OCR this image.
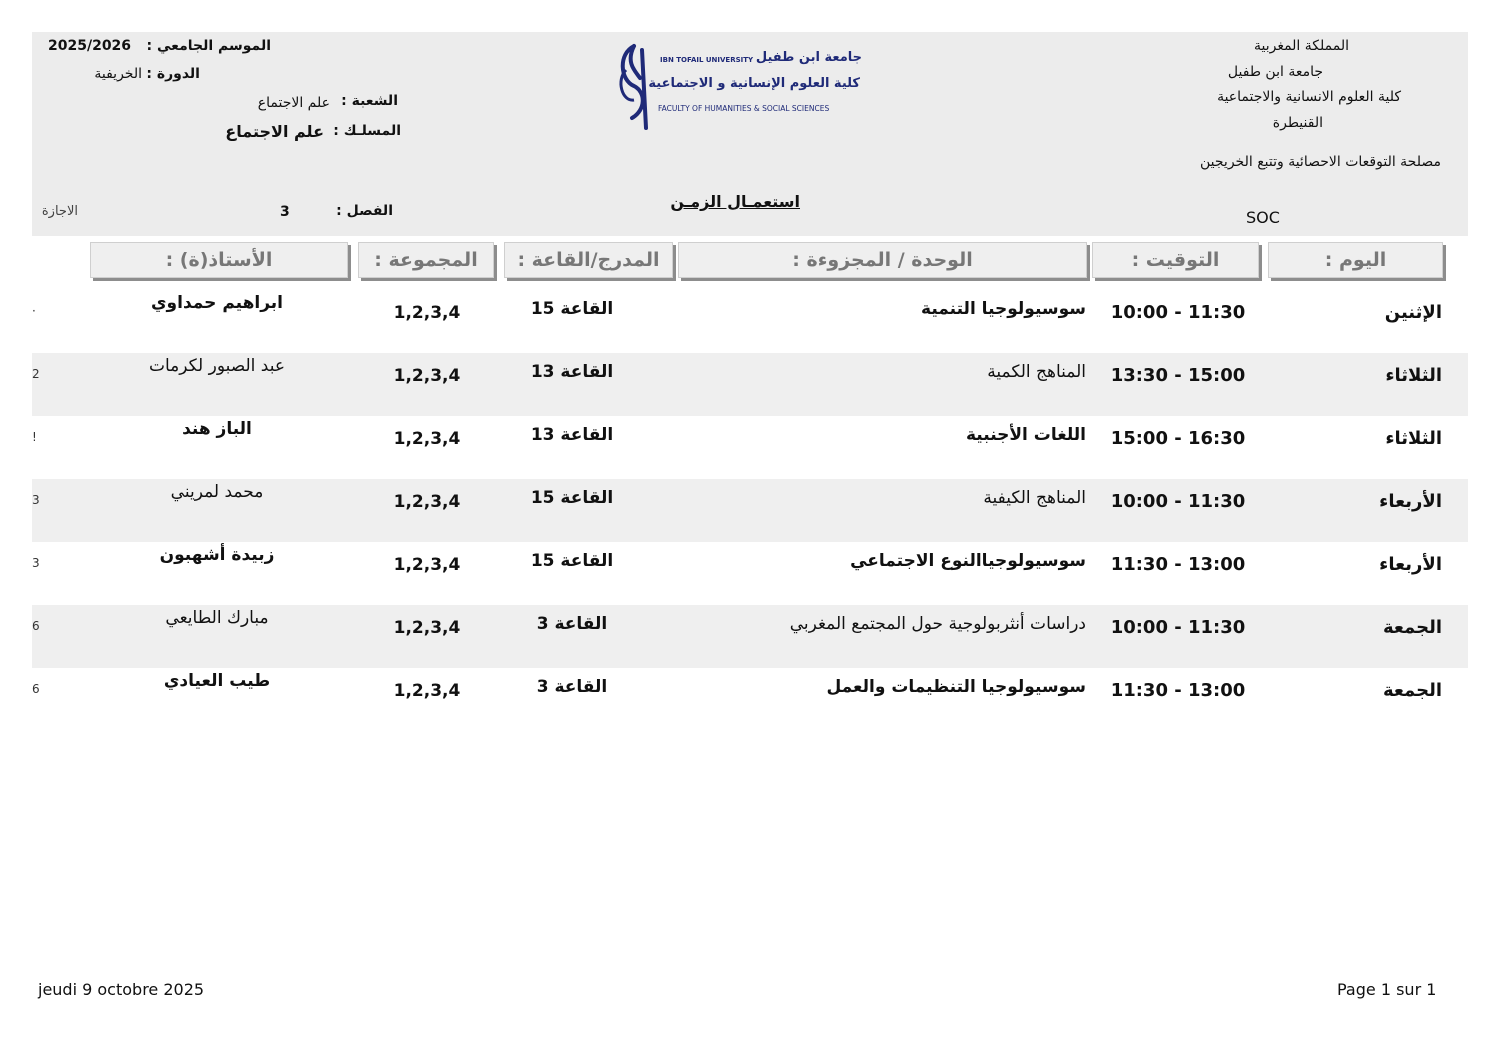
المملكة المغربية
جامعة ابن طفيل
كلية العلوم الانسانية والاجتماعية
القنيطرة
مصلحة التوقعات الاحصائية وتتبع الخريجين
SOC
IBN TOFAIL UNIVERSITY جامعة ابن طفيل
كلية العلوم الإنسانية و الاجتماعية
FACULTY OF HUMANITIES & SOCIAL SCIENCES
الموسم الجامعي :
2025/2026
الدورة :
الخريفية
الشعبة :
علم الاجتماع
المسلـك :
علم الاجتماع
استعمـال الزمـن
الفصل :
3
الاجازة
اليوم :
التوقيت :
الوحدة / المجزوءة :
المدرج/القاعة :
المجموعة :
الأستاذ(ة) :
الإثنين
10:00 - 11:30
سوسيولوجيا التنمية
القاعة 15
1,2,3,4
ابراهيم حمداوي
·
الثلاثاء
13:30 - 15:00
المناهج الكمية
القاعة 13
1,2,3,4
عبد الصبور لكرمات
2
الثلاثاء
15:00 - 16:30
اللغات الأجنبية
القاعة 13
1,2,3,4
الباز هند
!
الأربعاء
10:00 - 11:30
المناهج الكيفية
القاعة 15
1,2,3,4
محمد لمريني
3
الأربعاء
11:30 - 13:00
سوسيولوجياالنوع الاجتماعي
القاعة 15
1,2,3,4
زبيدة أشهبون
3
الجمعة
10:00 - 11:30
دراسات أنثربولوجية حول المجتمع المغربي
القاعة 3
1,2,3,4
مبارك الطايعي
6
الجمعة
11:30 - 13:00
سوسيولوجيا التنظيمات والعمل
القاعة 3
1,2,3,4
طيب العيادي
6
jeudi 9 octobre 2025	Page 1 sur 1
